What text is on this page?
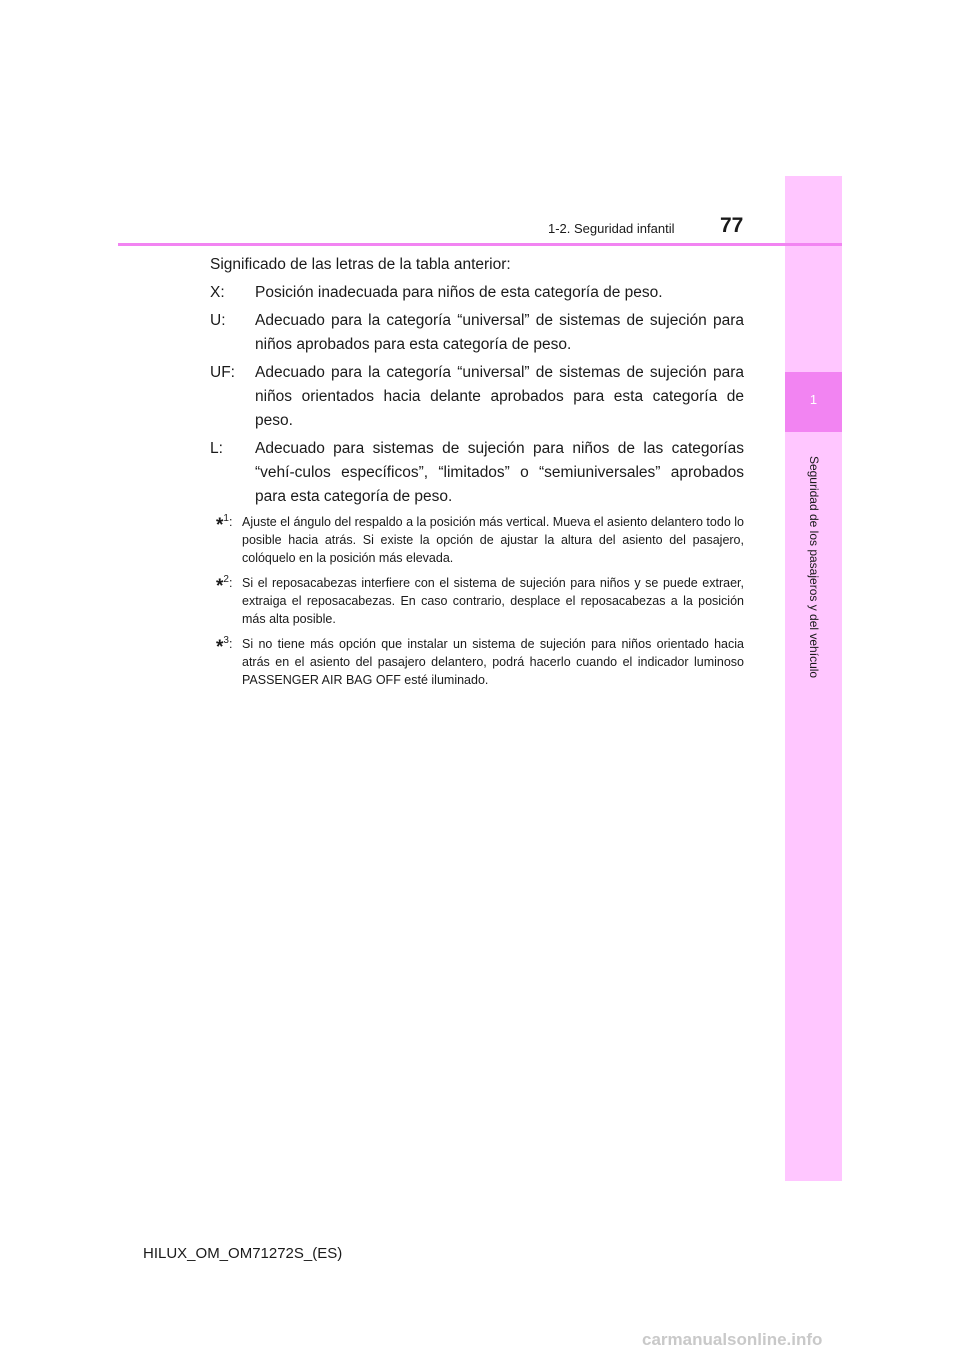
1
Seguridad de los pasajeros y del vehículo
1-2. Seguridad infantil 77

Significado de las letras de la tabla anterior:

X:	Posición inadecuada para niños de esta categoría de peso.
U:	Adecuado para la categoría “universal” de sistemas de sujeción para niños aprobados para esta categoría de peso.
UF:	Adecuado para la categoría “universal” de sistemas de sujeción para niños orientados hacia delante aprobados para esta categoría de peso.
L:	Adecuado para sistemas de sujeción para niños de las categorías “vehí-culos específicos”, “limitados” o “semiuniversales” aprobados para esta categoría de peso.
*$^1$: Ajuste el ángulo del respaldo a la posición más vertical. Mueva el asiento delantero todo lo posible hacia atrás. Si existe la opción de ajustar la altura del asiento del pasajero, colóquelo en la posición más elevada.
*$^2$: Si el reposacabezas interfiere con el sistema de sujeción para niños y se puede extraer, extraiga el reposacabezas. En caso contrario, desplace el reposacabezas a la posición más alta posible.
*$^3$: Si no tiene más opción que instalar un sistema de sujeción para niños orientado hacia atrás en el asiento del pasajero delantero, podrá hacerlo cuando el indicador luminoso PASSENGER AIR BAG OFF esté iluminado.
HILUX_OM_OM71272S_(ES)
carmanualsonline.info
